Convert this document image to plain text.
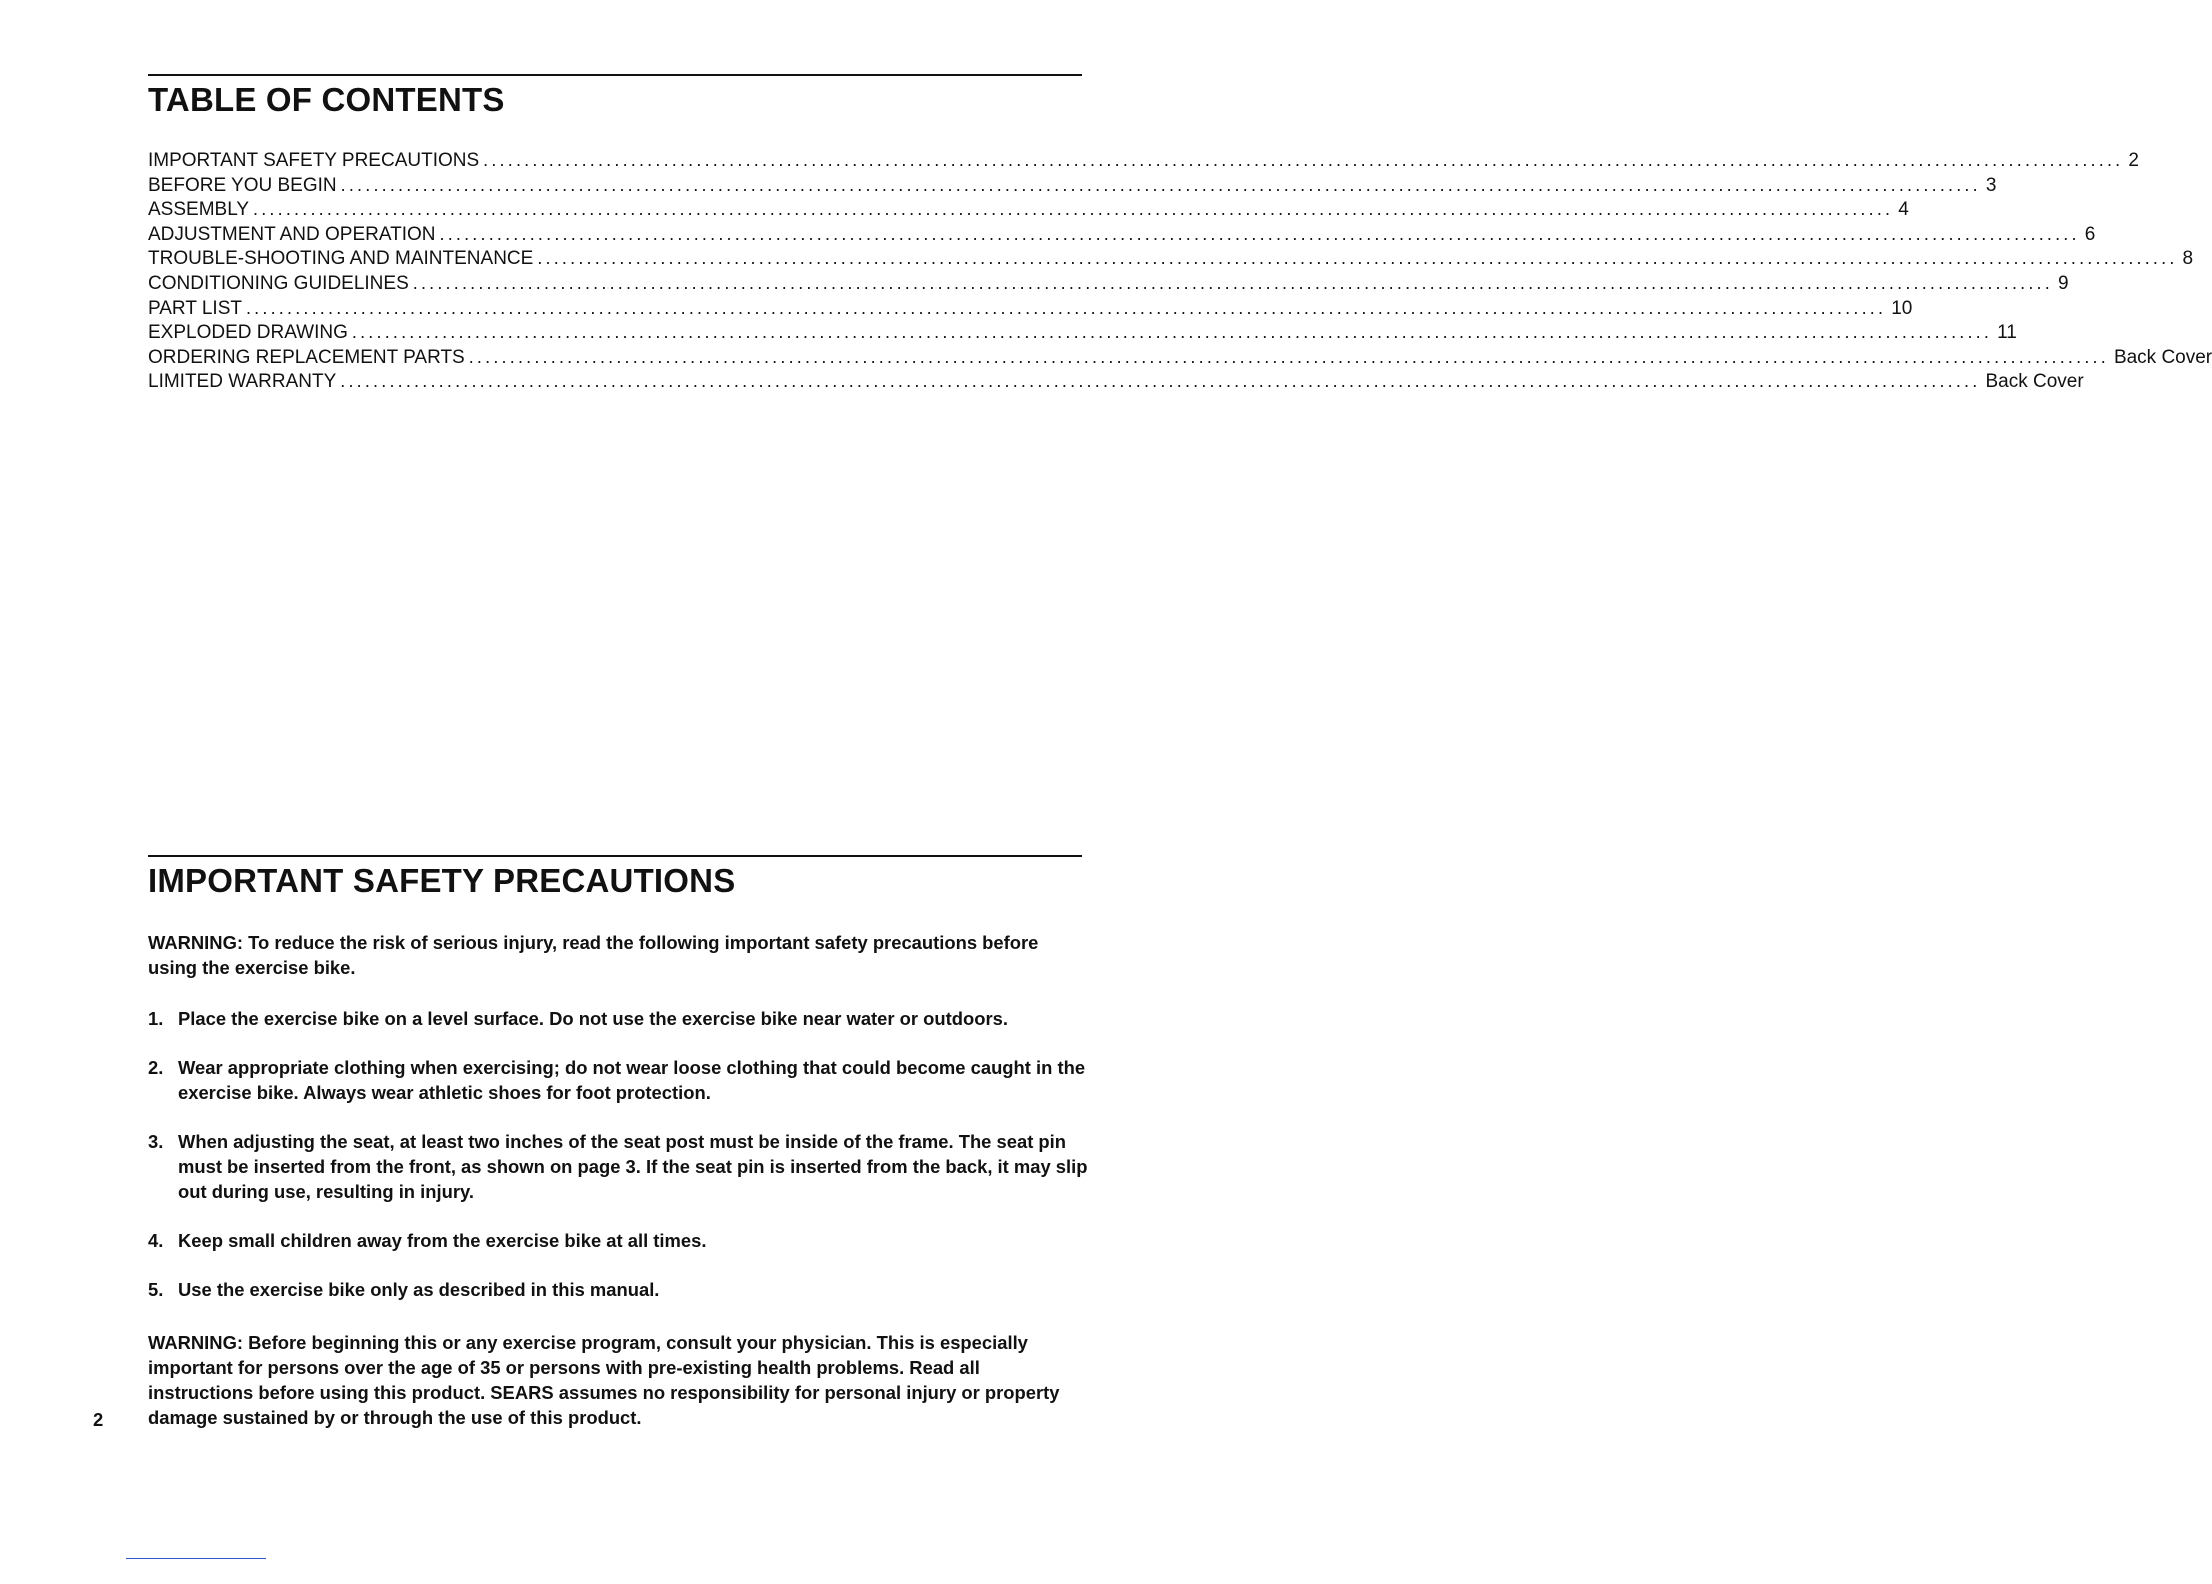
TABLE OF CONTENTS
IMPORTANT SAFETY PRECAUTIONS ........................................................................................................................................................................................................ 2
BEFORE YOU BEGIN ........................................................................................................................................................................................................ 3
ASSEMBLY ........................................................................................................................................................................................................ 4
ADJUSTMENT AND OPERATION ........................................................................................................................................................................................................ 6
TROUBLE-SHOOTING AND MAINTENANCE ........................................................................................................................................................................................................ 8
CONDITIONING GUIDELINES ........................................................................................................................................................................................................ 9
PART LIST ........................................................................................................................................................................................................ 10
EXPLODED DRAWING ........................................................................................................................................................................................................ 11
ORDERING REPLACEMENT PARTS ........................................................................................................................................................................................................ Back Cover
LIMITED WARRANTY ........................................................................................................................................................................................................ Back Cover
IMPORTANT SAFETY PRECAUTIONS

WARNING: To reduce the risk of serious injury, read the following important safety precautions before using the exercise bike.

1. Place the exercise bike on a level surface. Do not use the exercise bike near water or outdoors.
2. Wear appropriate clothing when exercising; do not wear loose clothing that could become caught in the exercise bike. Always wear athletic shoes for foot protection.
3. When adjusting the seat, at least two inches of the seat post must be inside of the frame. The seat pin must be inserted from the front, as shown on page 3. If the seat pin is inserted from the back, it may slip out during use, resulting in injury.
4. Keep small children away from the exercise bike at all times.
5. Use the exercise bike only as described in this manual.

WARNING: Before beginning this or any exercise program, consult your physician. This is especially important for persons over the age of 35 or persons with pre-existing health problems. Read all instructions before using this product. SEARS assumes no responsibility for personal injury or property damage sustained by or through the use of this product.

2
